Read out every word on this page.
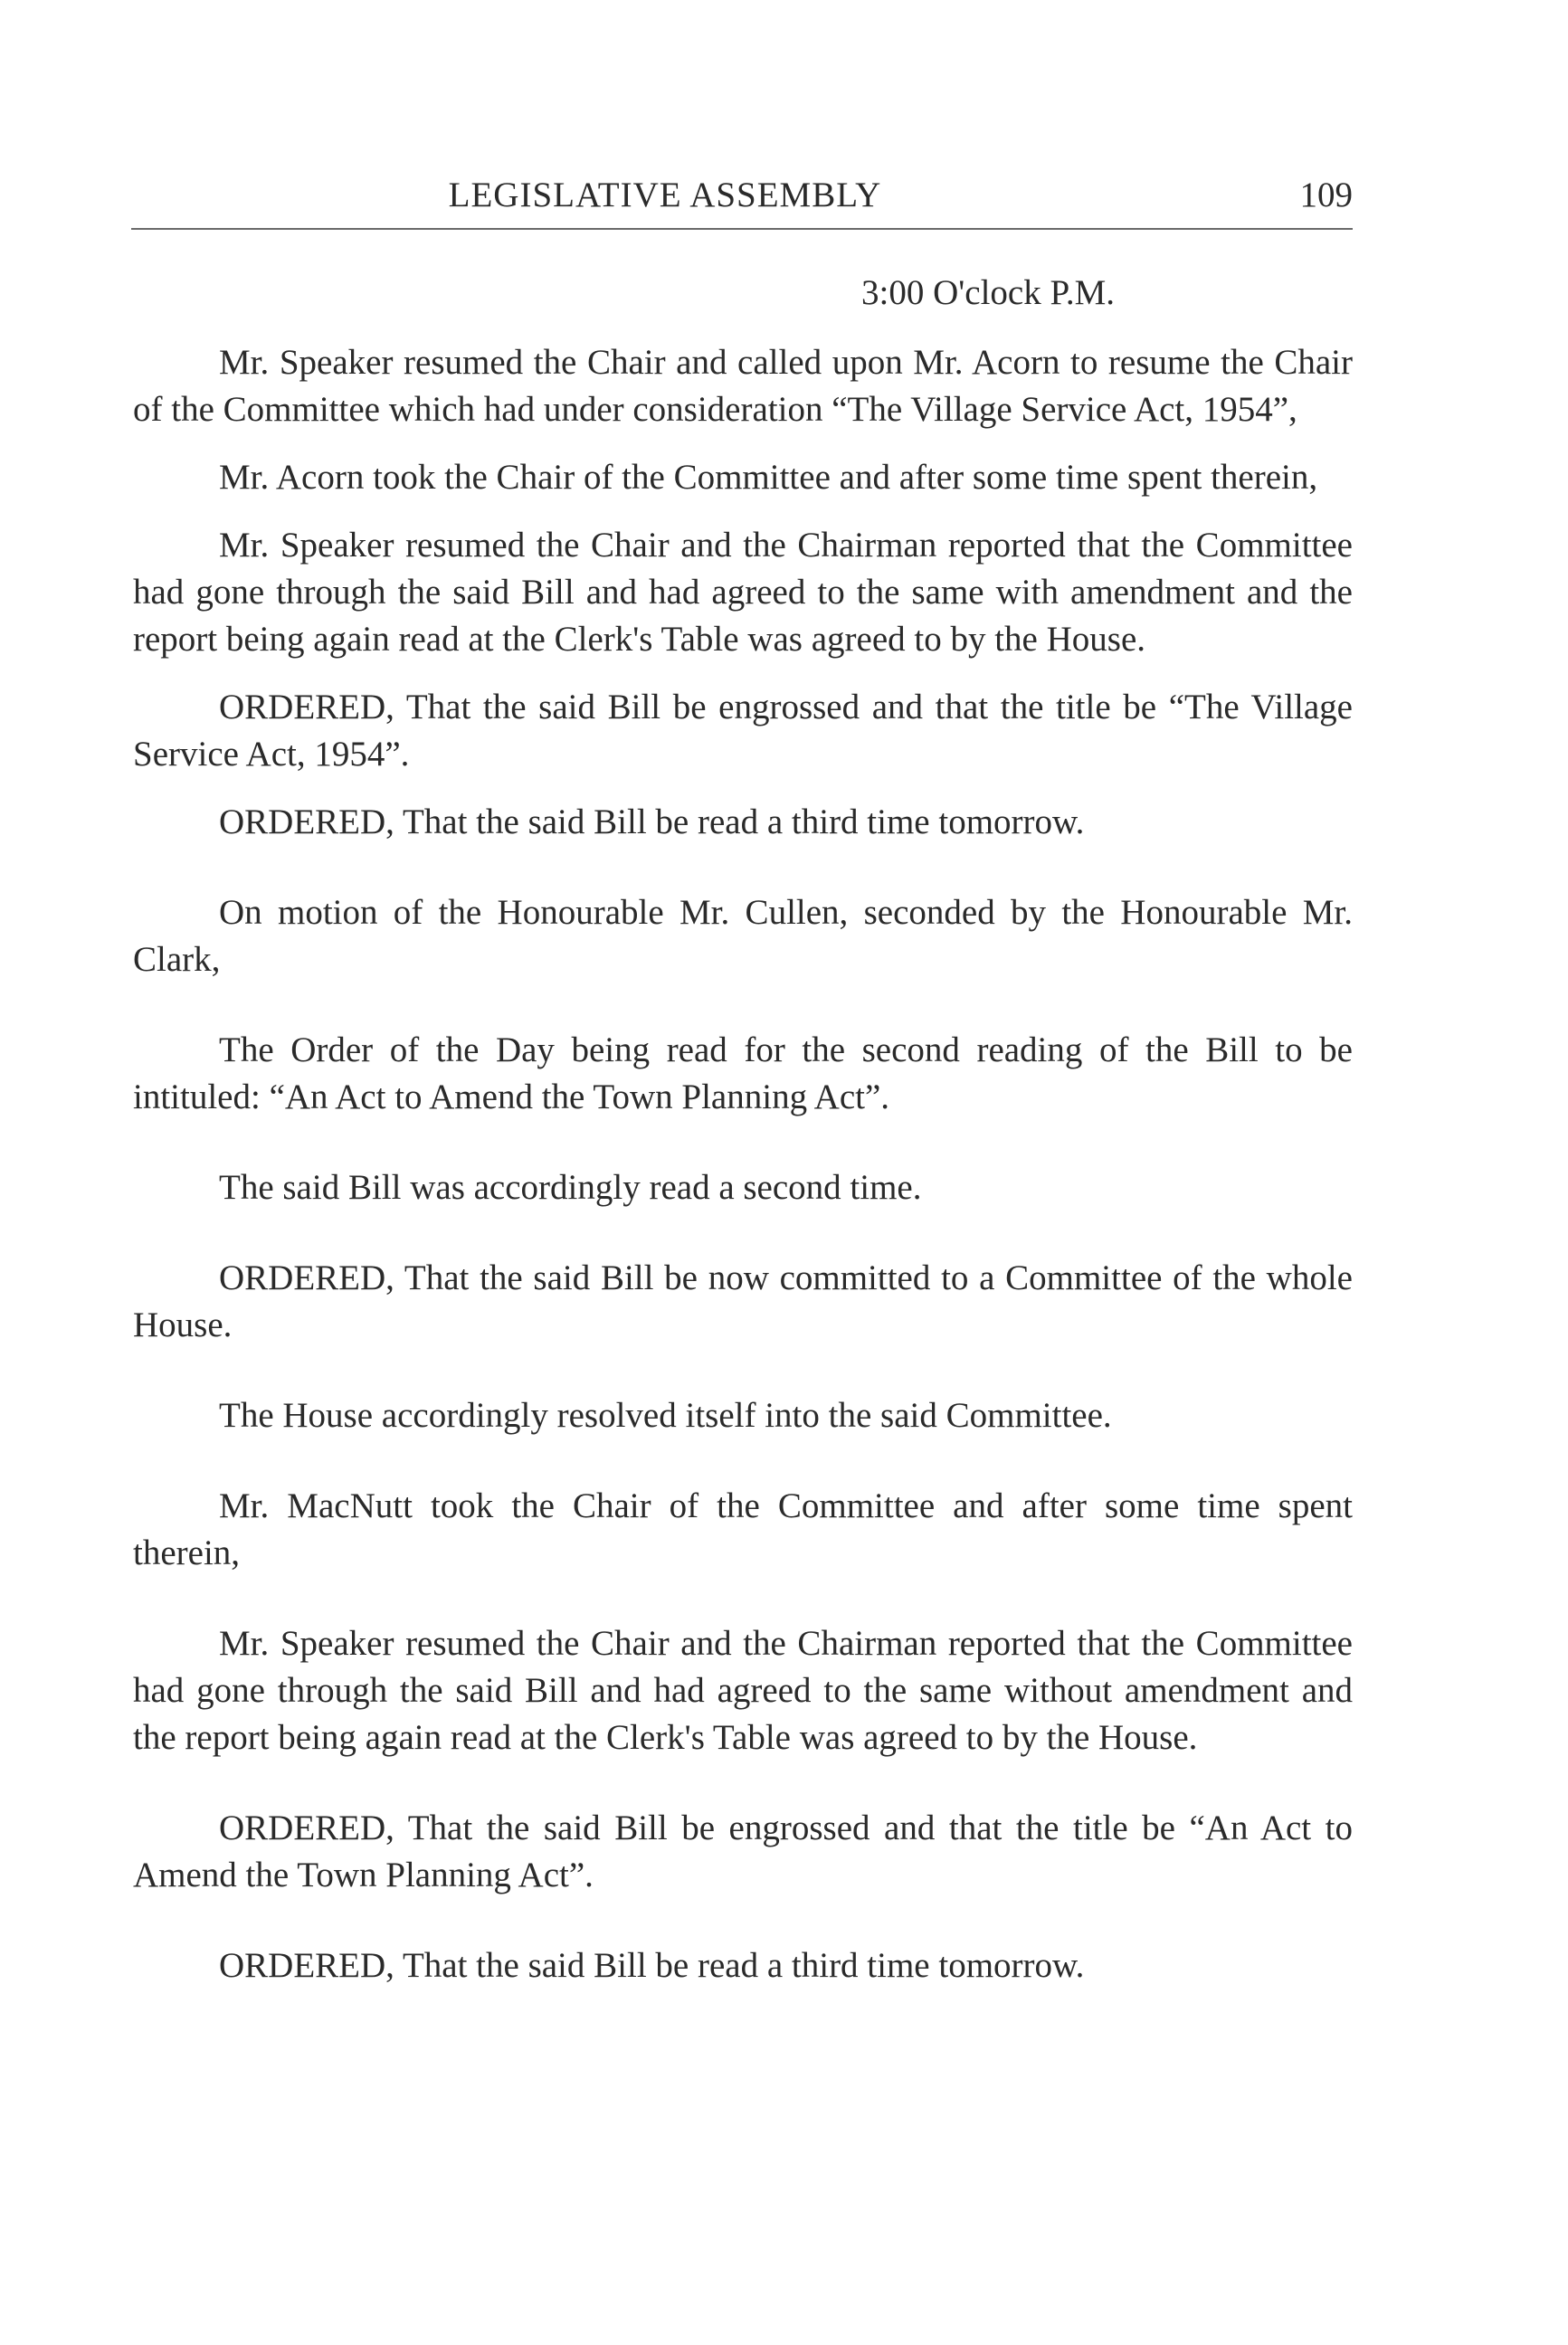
LEGISLATIVE ASSEMBLY	109
3:00 O'clock P.M.

Mr. Speaker resumed the Chair and called upon Mr. Acorn to resume the Chair of the Committee which had under consideration “The Village Service Act, 1954”,

Mr. Acorn took the Chair of the Committee and after some time spent therein,

Mr. Speaker resumed the Chair and the Chairman reported that the Committee had gone through the said Bill and had agreed to the same with amendment and the report being again read at the Clerk's Table was agreed to by the House.

ORDERED, That the said Bill be engrossed and that the title be “The Village Service Act, 1954”.

ORDERED, That the said Bill be read a third time tomorrow.

On motion of the Honourable Mr. Cullen, seconded by the Honourable Mr. Clark,

The Order of the Day being read for the second reading of the Bill to be intituled: “An Act to Amend the Town Planning Act”.

The said Bill was accordingly read a second time.

ORDERED, That the said Bill be now committed to a Committee of the whole House.

The House accordingly resolved itself into the said Committee.

Mr. MacNutt took the Chair of the Committee and after some time spent therein,

Mr. Speaker resumed the Chair and the Chairman reported that the Committee had gone through the said Bill and had agreed to the same without amendment and the report being again read at the Clerk's Table was agreed to by the House.

ORDERED, That the said Bill be engrossed and that the title be “An Act to Amend the Town Planning Act”.

ORDERED, That the said Bill be read a third time tomorrow.
